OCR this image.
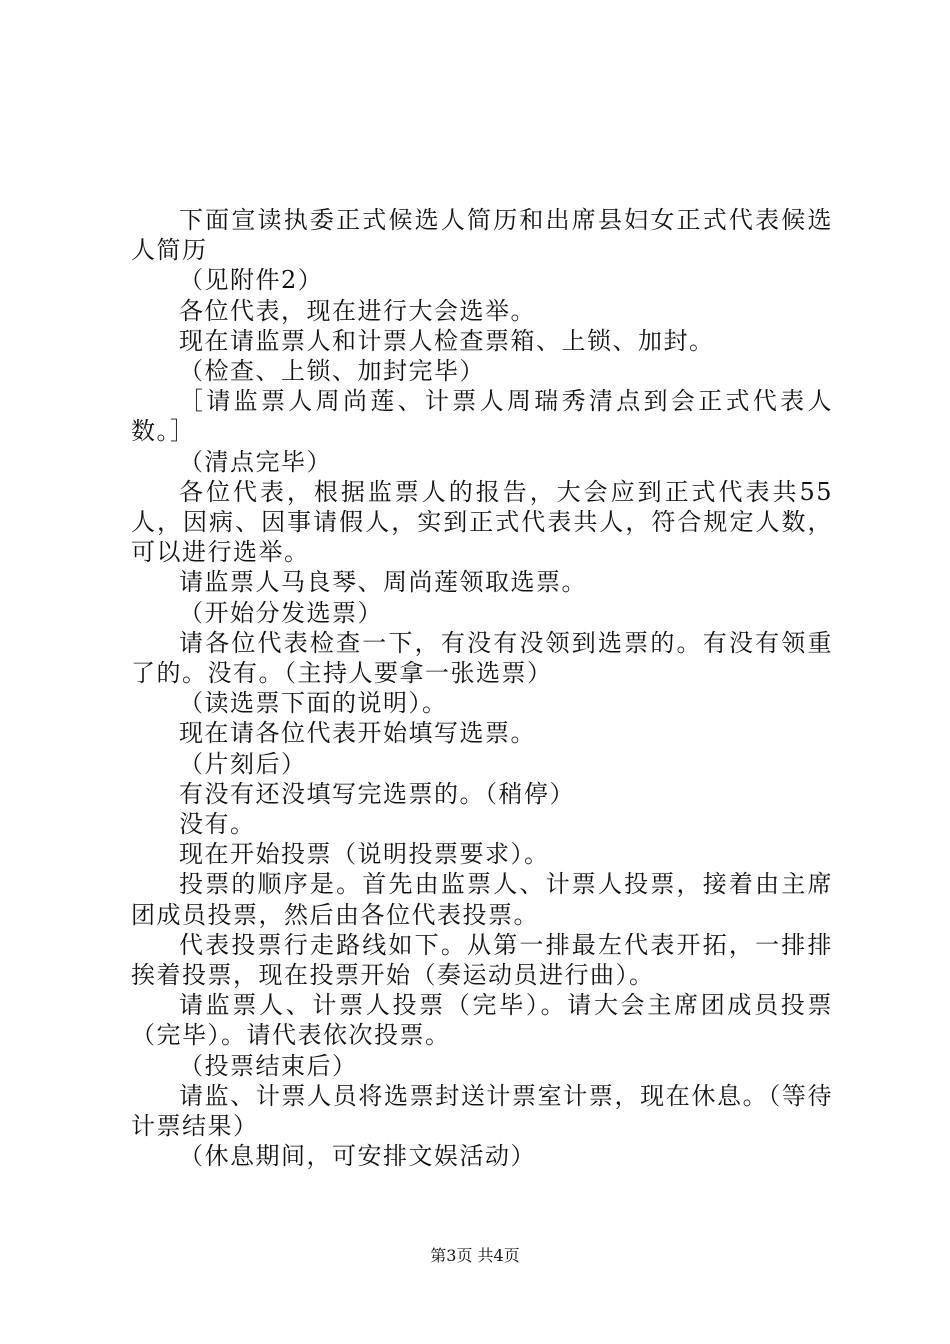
下面宣读执委正式候选人简历和出席县妇女正式代表候选人简历

（见附件2）

各位代表，现在进行大会选举。

现在请监票人和计票人检查票箱、上锁、加封。

（检查、上锁、加封完毕）

［请监票人周尚莲、计票人周瑞秀清点到会正式代表人数。］

（清点完毕）

各位代表，根据监票人的报告，大会应到正式代表共55人，因病、因事请假人，实到正式代表共人，符合规定人数，可以进行选举。

请监票人马良琴、周尚莲领取选票。

（开始分发选票）

请各位代表检查一下，有没有没领到选票的。有没有领重了的。没有。（主持人要拿一张选票）

（读选票下面的说明）。

现在请各位代表开始填写选票。

（片刻后）

有没有还没填写完选票的。（稍停）

没有。

现在开始投票（说明投票要求）。

投票的顺序是。首先由监票人、计票人投票，接着由主席团成员投票，然后由各位代表投票。

代表投票行走路线如下。从第一排最左代表开拓，一排排挨着投票，现在投票开始（奏运动员进行曲）。

请监票人、计票人投票（完毕）。请大会主席团成员投票（完毕）。请代表依次投票。

（投票结束后）

请监、计票人员将选票封送计票室计票，现在休息。（等待计票结果）

（休息期间，可安排文娱活动）

第3页 共4页
